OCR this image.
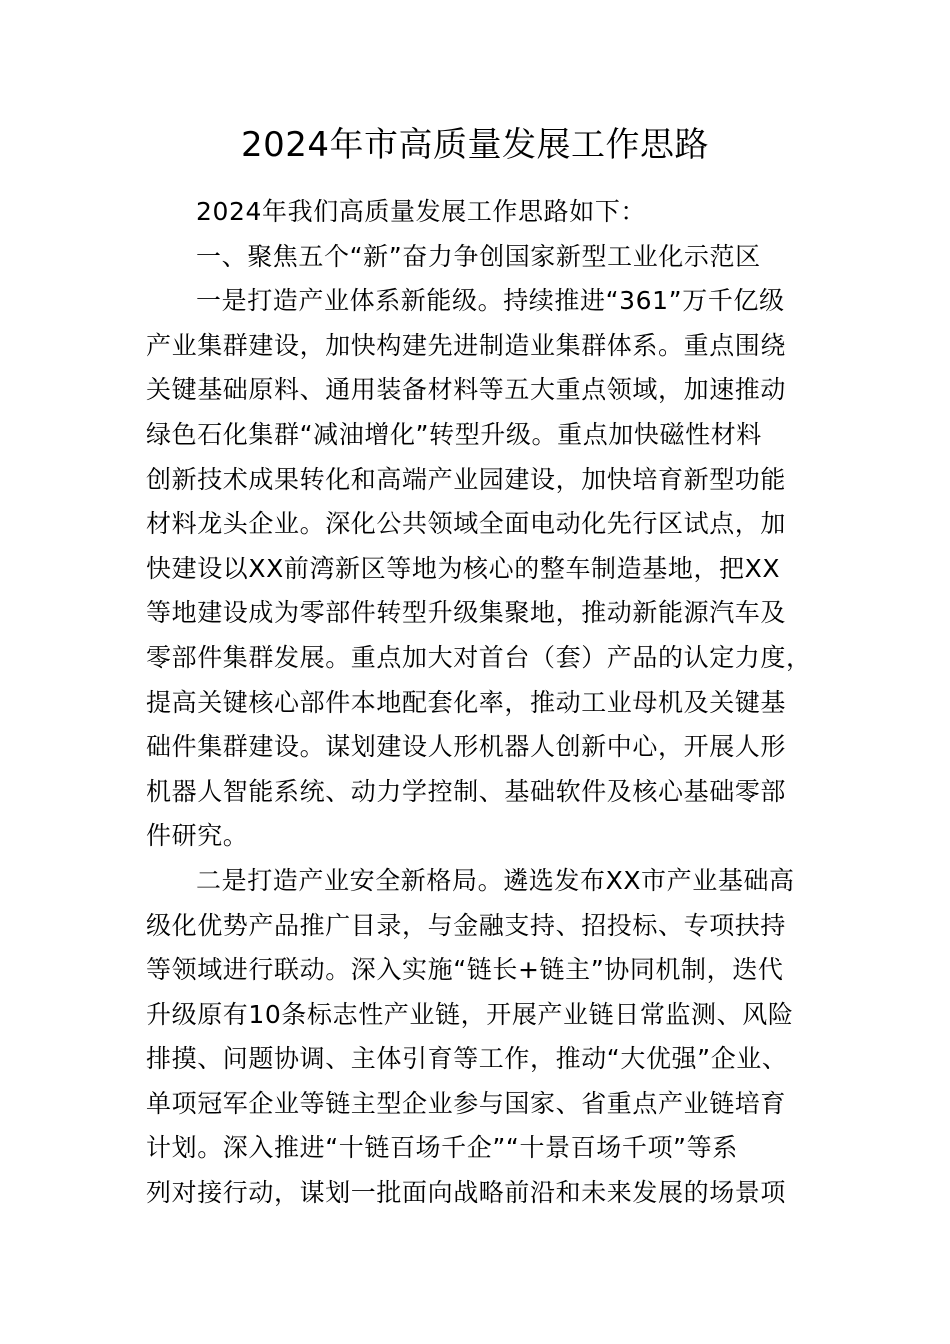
2024年市高质量发展工作思路

2024年我们高质量发展工作思路如下：

一、聚焦五个“新”奋力争创国家新型工业化示范区

一是打造产业体系新能级。持续推进“361”万千亿级
产业集群建设，加快构建先进制造业集群体系。重点围绕
关键基础原料、通用装备材料等五大重点领域，加速推动
绿色石化集群“减油增化”转型升级。重点加快磁性材料
创新技术成果转化和高端产业园建设，加快培育新型功能
材料龙头企业。深化公共领域全面电动化先行区试点，加
快建设以XX前湾新区等地为核心的整车制造基地，把XX
等地建设成为零部件转型升级集聚地，推动新能源汽车及
零部件集群发展。重点加大对首台（套）产品的认定力度，
提高关键核心部件本地配套化率，推动工业母机及关键基
础件集群建设。谋划建设人形机器人创新中心，开展人形
机器人智能系统、动力学控制、基础软件及核心基础零部
件研究。

二是打造产业安全新格局。遴选发布XX市产业基础高
级化优势产品推广目录，与金融支持、招投标、专项扶持
等领域进行联动。深入实施“链长+链主”协同机制，迭代
升级原有10条标志性产业链，开展产业链日常监测、风险
排摸、问题协调、主体引育等工作，推动“大优强”企业、
单项冠军企业等链主型企业参与国家、省重点产业链培育
计划。深入推进“十链百场千企”“十景百场千项”等系
列对接行动，谋划一批面向战略前沿和未来发展的场景项
